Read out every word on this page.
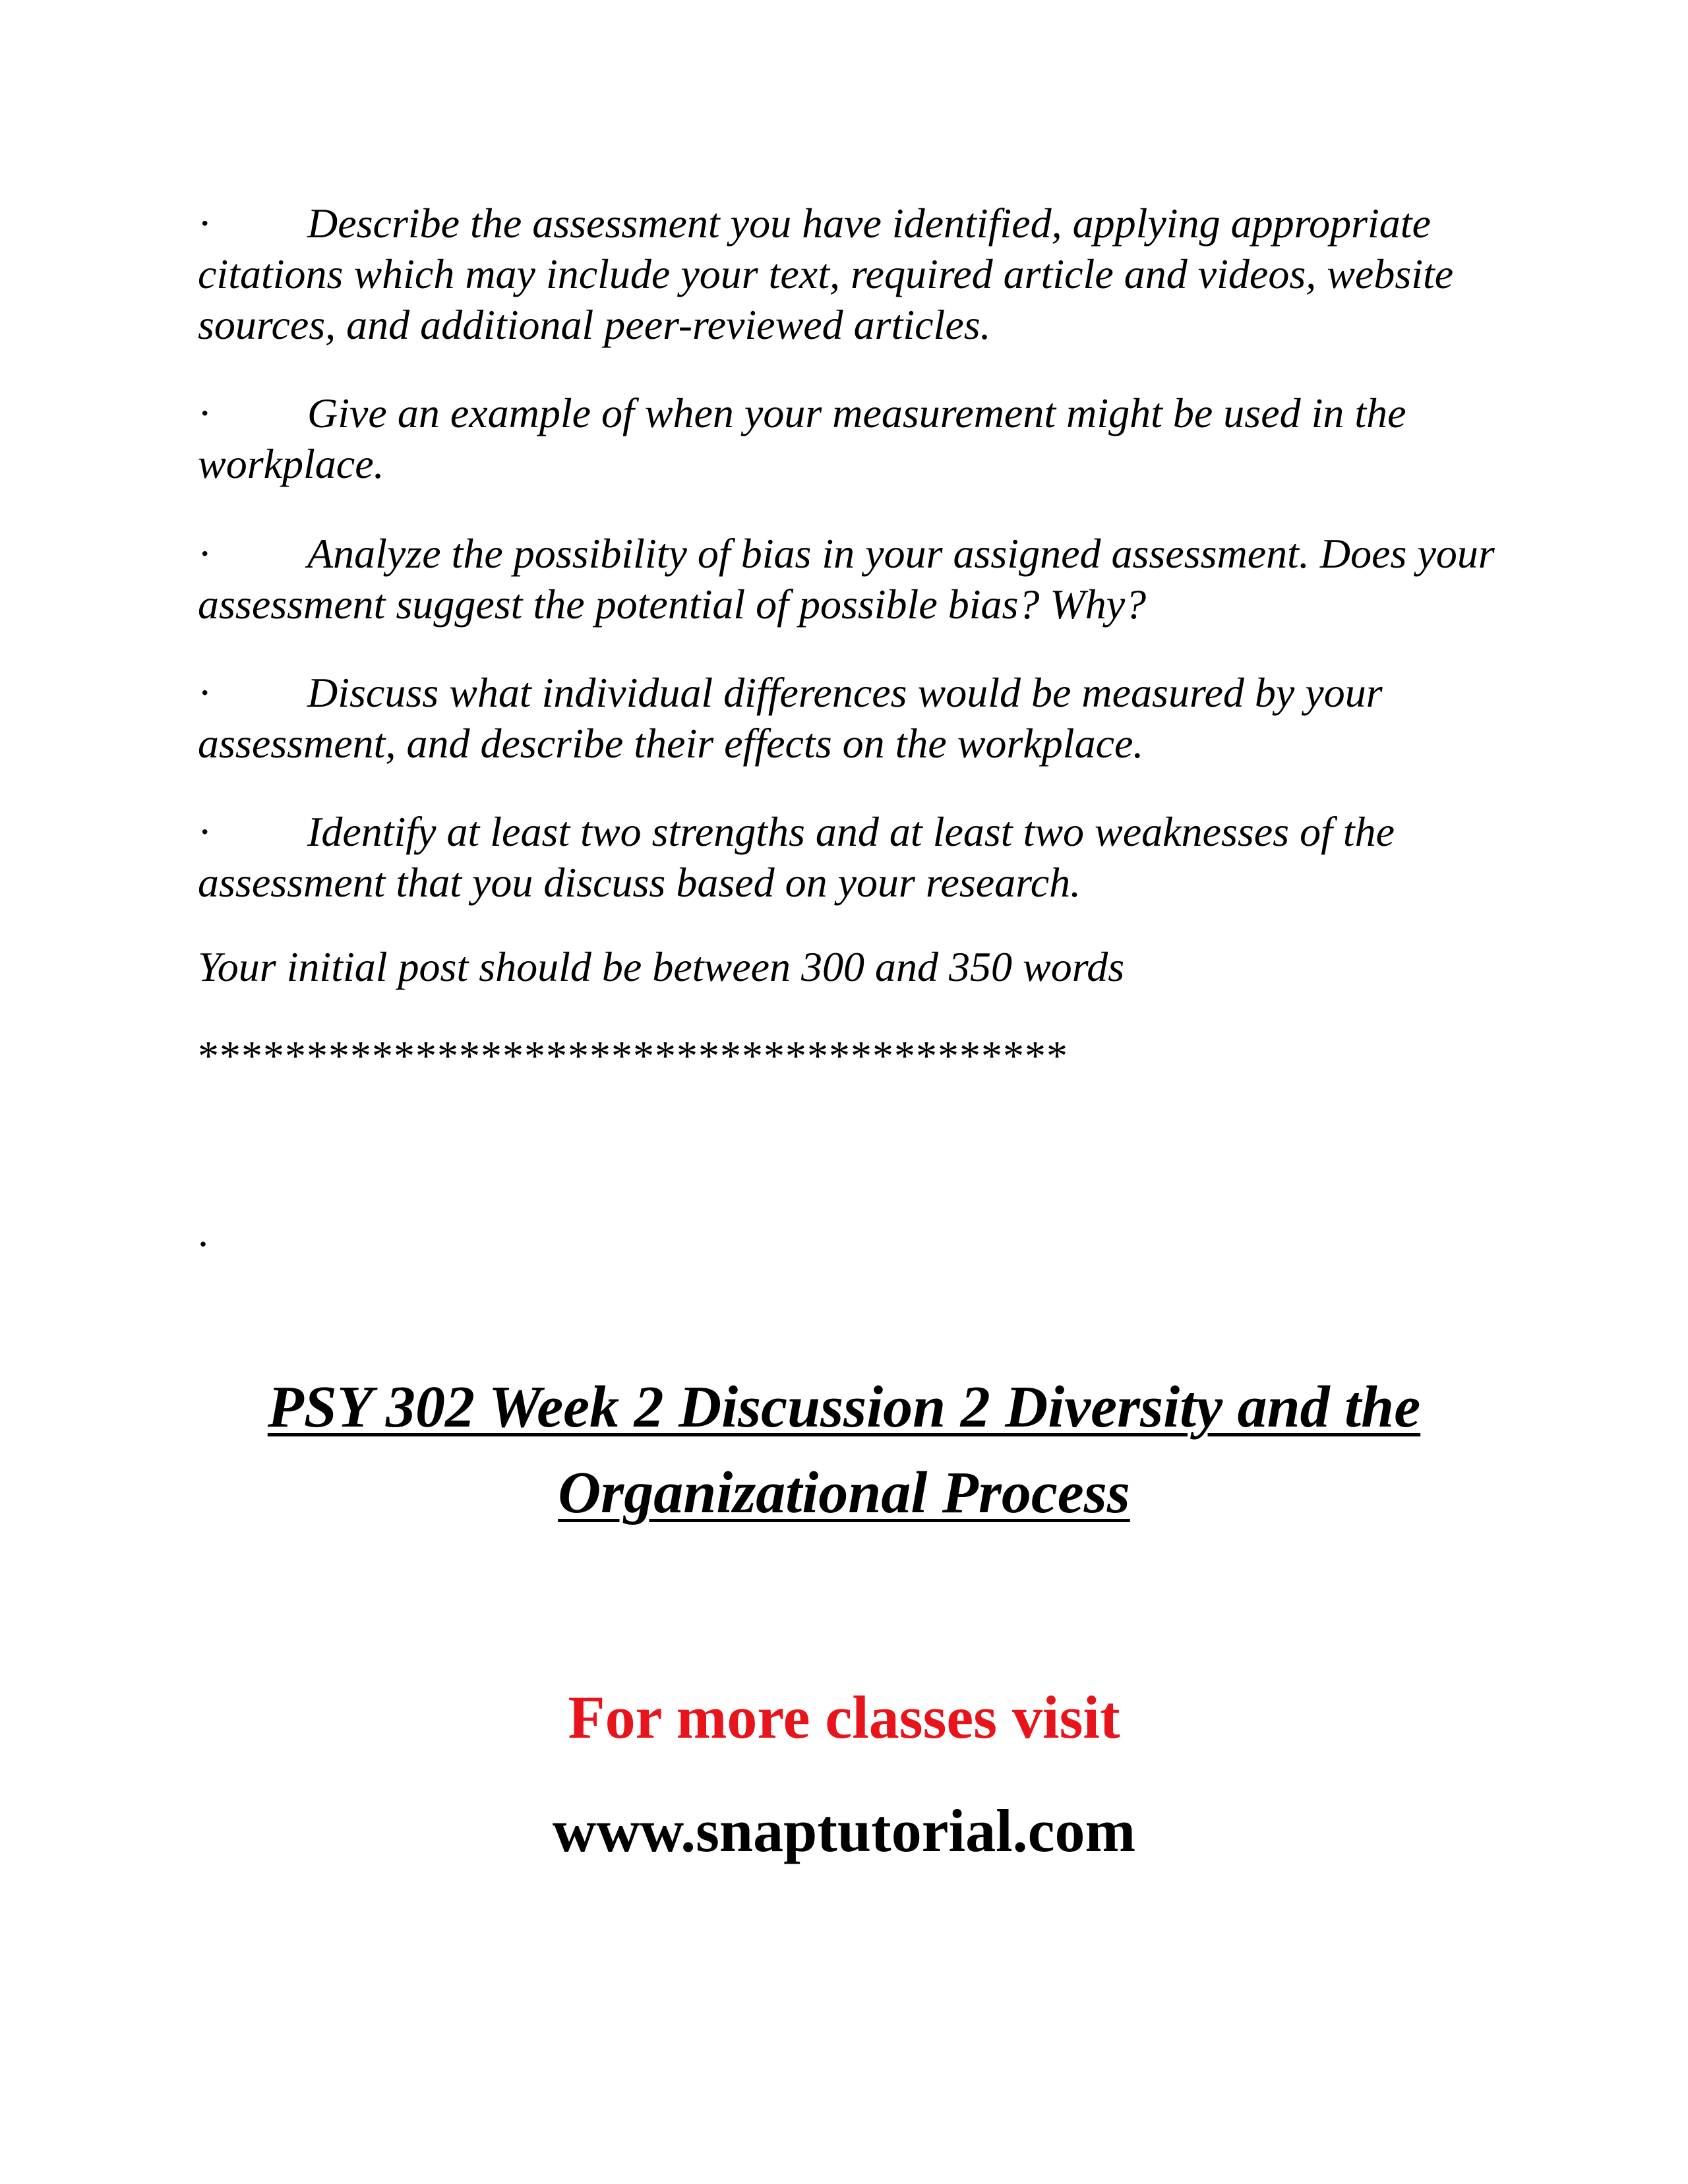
· Describe the assessment you have identified, applying appropriate citations which may include your text, required article and videos, website sources, and additional peer-reviewed articles.
· Give an example of when your measurement might be used in the workplace.
· Analyze the possibility of bias in your assigned assessment. Does your assessment suggest the potential of possible bias? Why?
· Discuss what individual differences would be measured by your assessment, and describe their effects on the workplace.
· Identify at least two strengths and at least two weaknesses of the assessment that you discuss based on your research.
Your initial post should be between 300 and 350 words
****************************************
.
PSY 302 Week 2 Discussion 2 Diversity and the Organizational Process
For more classes visit
www.snaptutorial.com
